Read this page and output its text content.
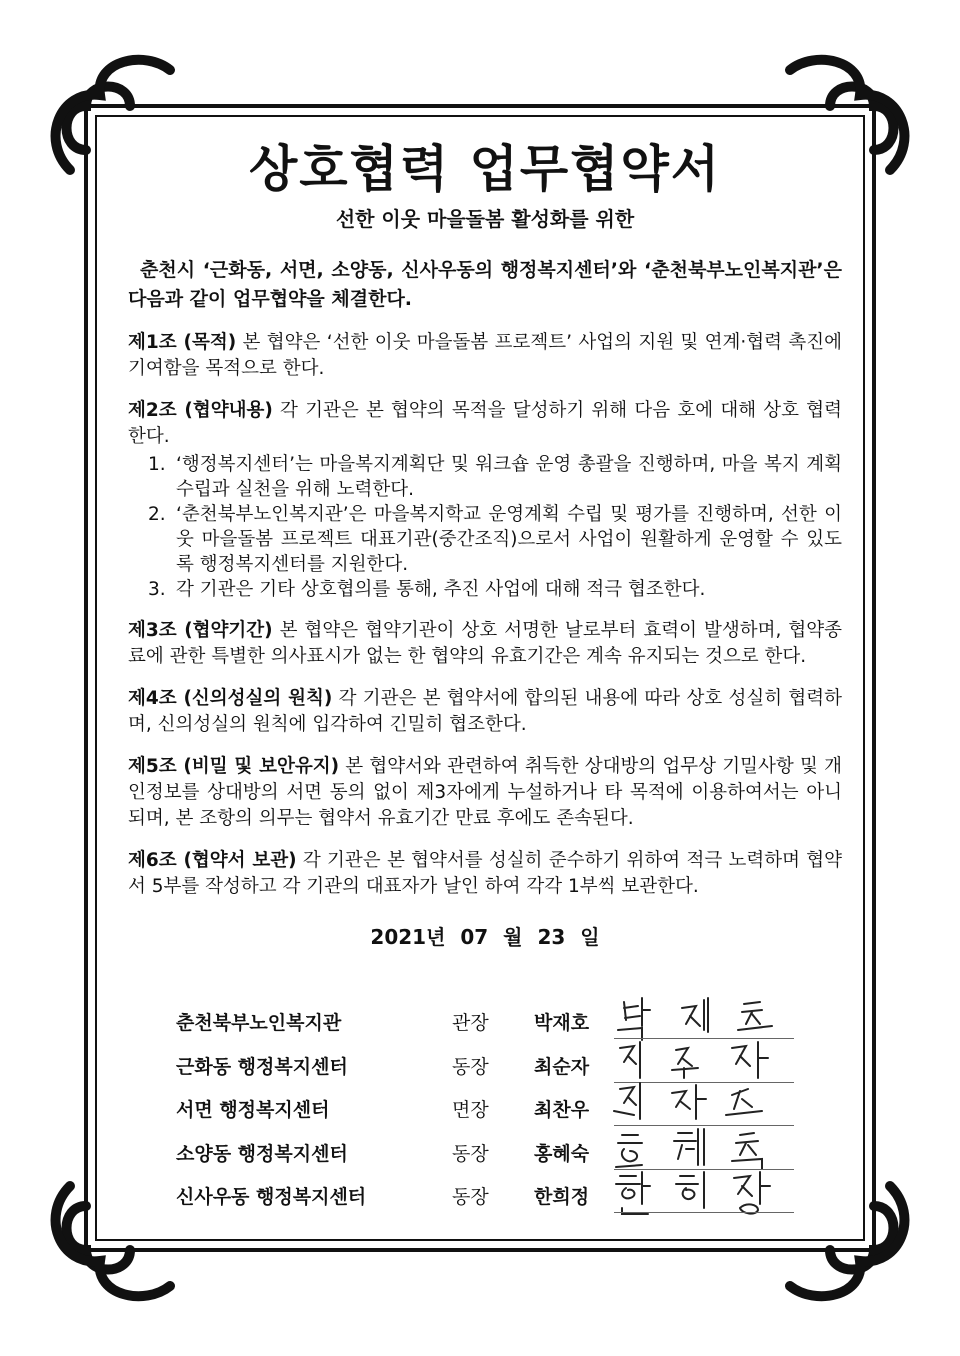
상호협력 업무협약서
선한 이웃 마을돌봄 활성화를 위한
춘천시 ‘근화동, 서면, 소양동, 신사우동의 행정복지센터’와 ‘춘천북부노인복지관’은 다음과 같이 업무협약을 체결한다.
제1조 (목적) 본 협약은 ‘선한 이웃 마을돌봄 프로젝트’ 사업의 지원 및 연계·협력 촉진에 기여함을 목적으로 한다.
제2조 (협약내용) 각 기관은 본 협약의 목적을 달성하기 위해 다음 호에 대해 상호 협력한다.
1. ‘행정복지센터’는 마을복지계획단 및 워크숍 운영 총괄을 진행하며, 마을 복지 계획수립과 실천을 위해 노력한다.
2. ‘춘천북부노인복지관’은 마을복지학교 운영계획 수립 및 평가를 진행하며, 선한 이웃 마을돌봄 프로젝트 대표기관(중간조직)으로서 사업이 원활하게 운영할 수 있도록 행정복지센터를 지원한다.
3. 각 기관은 기타 상호협의를 통해, 추진 사업에 대해 적극 협조한다.
제3조 (협약기간) 본 협약은 협약기관이 상호 서명한 날로부터 효력이 발생하며, 협약종료에 관한 특별한 의사표시가 없는 한 협약의 유효기간은 계속 유지되는 것으로 한다.
제4조 (신의성실의 원칙) 각 기관은 본 협약서에 합의된 내용에 따라 상호 성실히 협력하며, 신의성실의 원칙에 입각하여 긴밀히 협조한다.
제5조 (비밀 및 보안유지) 본 협약서와 관련하여 취득한 상대방의 업무상 기밀사항 및 개인정보를 상대방의 서면 동의 없이 제3자에게 누설하거나 타 목적에 이용하여서는 아니 되며, 본 조항의 의무는 협약서 유효기간 만료 후에도 존속된다.
제6조 (협약서 보관) 각 기관은 본 협약서를 성실히 준수하기 위하여 적극 노력하며 협약서 5부를 작성하고 각 기관의 대표자가 날인 하여 각각 1부씩 보관한다.
2021년 07 월 23 일
춘천북부노인복지관	관장 박재호
근화동 행정복지센터	동장 최순자
서면 행정복지센터	면장 최찬우
소양동 행정복지센터	동장 홍혜숙
신사우동 행정복지센터	동장 한희정
